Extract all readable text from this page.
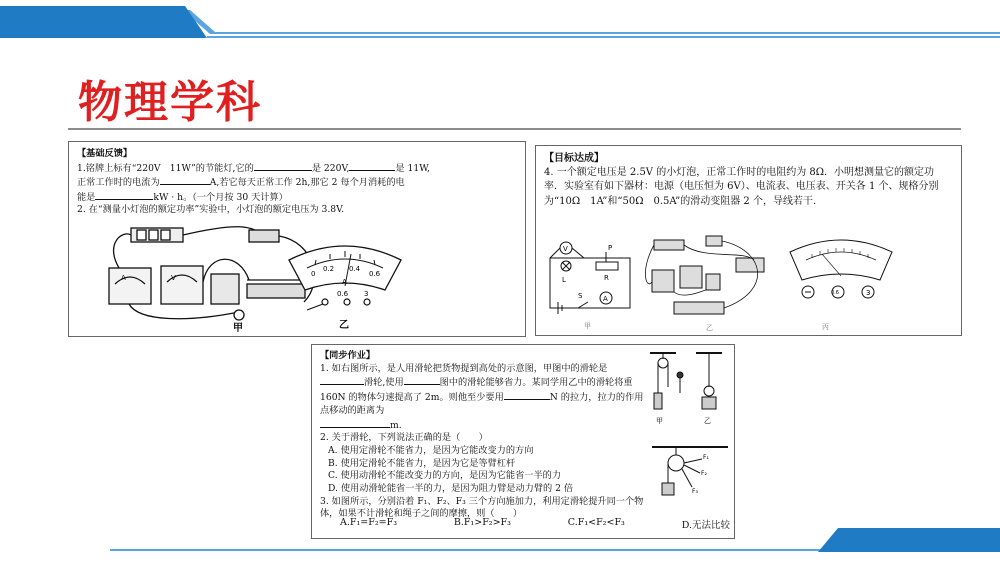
物理学科
【基础反馈】
1.铭牌上标有“220V　11W”的节能灯,它的	是 220V,	是 11W,
正常工作时的电流为	A,若它每天正常工作 2h,那它 2 每个月消耗的电
能是	kW · h。（一个月按 30 天计算）
2. 在“测量小灯泡的额定功率”实验中，小灯泡的额定电压为 3.8V.
V
A
甲
0
0.2 0.4
0.6
A
0.6 3
乙
【目标达成】
4. 一个额定电压是 2.5V 的小灯泡，正常工作时的电阻约为 8Ω．小明想测量它的额定功率．实验室有如下器材：电源（电压恒为 6V）、电流表、电压表、开关各 1 个、规格分别为“10Ω　1A”和“50Ω　0.5A”的滑动变阻器 2 个，导线若干．
V
L
P
R
S	A
甲	乙
0.6	3
丙
【同步作业】
1. 如右图所示，是人用滑轮把货物提到高处的示意图，甲图中的滑轮是滑轮,使用	图中的滑轮能够省力。某同学用乙中的滑轮将重 160N 的物体匀速提高了 2m。则他至少要用	N 的拉力，拉力的作用点移动的距离为
m.
2. 关于滑轮，下列说法正确的是（　　）
A. 使用定滑轮不能省力，是因为它能改变力的方向
B. 使用定滑轮不能省力，是因为它是等臂杠杆
C. 使用动滑轮不能改变力的方向，是因为它能省一半的力
D. 使用动滑轮能省一半的力，是因为阻力臂是动力臂的 2 倍
3. 如图所示，分别沿着 F₁、F₂、F₃ 三个方向施加力，利用定滑轮提升同一个物体，如果不计滑轮和绳子之间的摩擦，则（　　）
A.F₁=F₂=F₃	B.F₁>F₂>F₃	C.F₁<F₂<F₃	D.无法比较
甲	乙
F₁
F₂
F₃
